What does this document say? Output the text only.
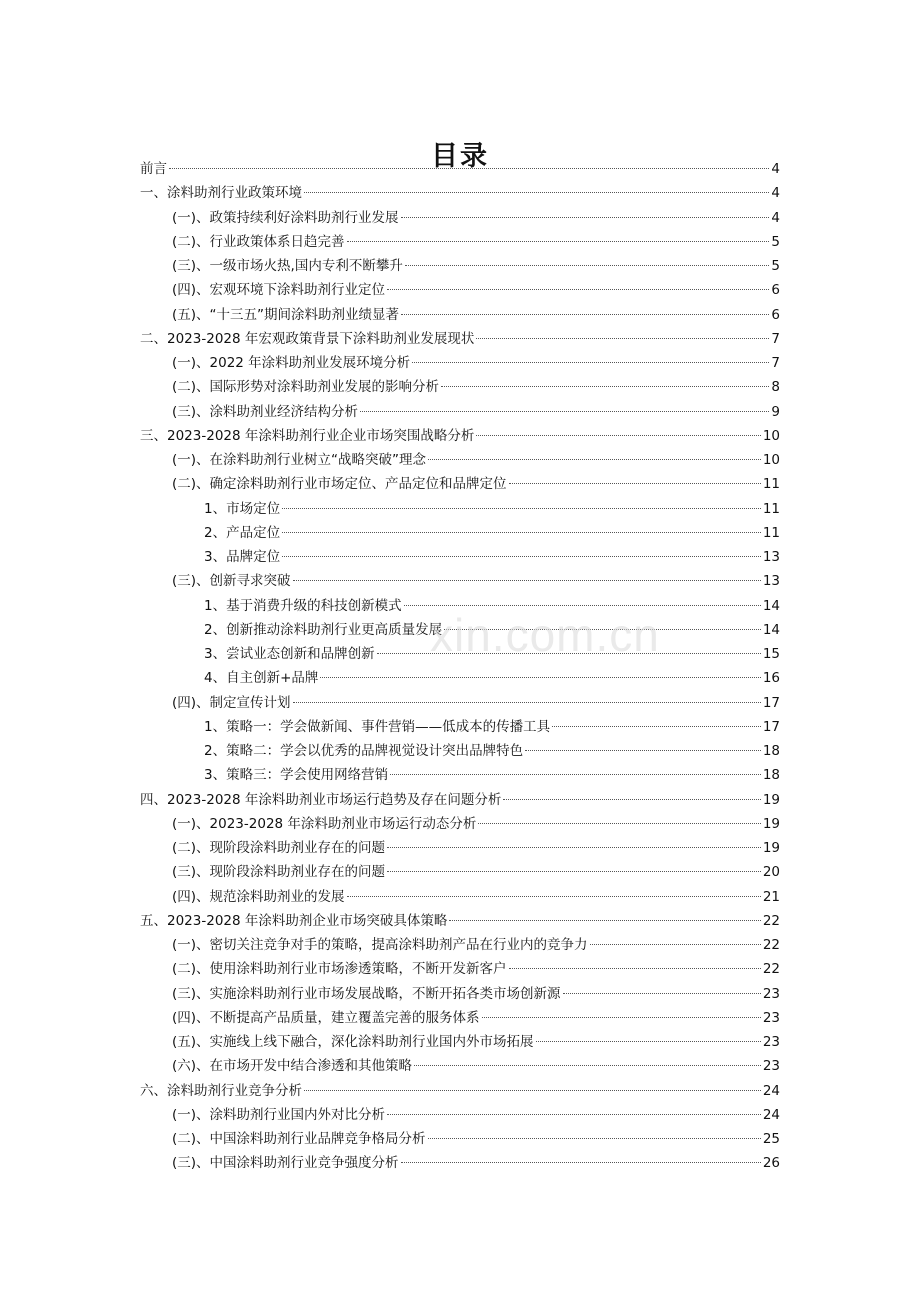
目录
前言	4
一、涂料助剂行业政策环境	4
(一)、政策持续利好涂料助剂行业发展	4
(二)、行业政策体系日趋完善	5
(三)、一级市场火热,国内专利不断攀升	5
(四)、宏观环境下涂料助剂行业定位	6
(五)、“十三五”期间涂料助剂业绩显著	6
二、2023-2028 年宏观政策背景下涂料助剂业发展现状	7
(一)、2022 年涂料助剂业发展环境分析	7
(二)、国际形势对涂料助剂业发展的影响分析	8
(三)、涂料助剂业经济结构分析	9
三、2023-2028 年涂料助剂行业企业市场突围战略分析	10
(一)、在涂料助剂行业树立“战略突破”理念	10
(二)、确定涂料助剂行业市场定位、产品定位和品牌定位	11
1、市场定位	11
2、产品定位	11
3、品牌定位	13
(三)、创新寻求突破	13
1、基于消费升级的科技创新模式	14
2、创新推动涂料助剂行业更高质量发展	14
3、尝试业态创新和品牌创新	15
4、自主创新+品牌	16
(四)、制定宣传计划	17
1、策略一：学会做新闻、事件营销——低成本的传播工具	17
2、策略二：学会以优秀的品牌视觉设计突出品牌特色	18
3、策略三：学会使用网络营销	18
四、2023-2028 年涂料助剂业市场运行趋势及存在问题分析	19
(一)、2023-2028 年涂料助剂业市场运行动态分析	19
(二)、现阶段涂料助剂业存在的问题	19
(三)、现阶段涂料助剂业存在的问题	20
(四)、规范涂料助剂业的发展	21
五、2023-2028 年涂料助剂企业市场突破具体策略	22
(一)、密切关注竞争对手的策略，提高涂料助剂产品在行业内的竞争力	22
(二)、使用涂料助剂行业市场渗透策略，不断开发新客户	22
(三)、实施涂料助剂行业市场发展战略，不断开拓各类市场创新源	23
(四)、不断提高产品质量，建立覆盖完善的服务体系	23
(五)、实施线上线下融合，深化涂料助剂行业国内外市场拓展	23
(六)、在市场开发中结合渗透和其他策略	23
六、涂料助剂行业竞争分析	24
(一)、涂料助剂行业国内外对比分析	24
(二)、中国涂料助剂行业品牌竞争格局分析	25
(三)、中国涂料助剂行业竞争强度分析	26
xin.com.cn
